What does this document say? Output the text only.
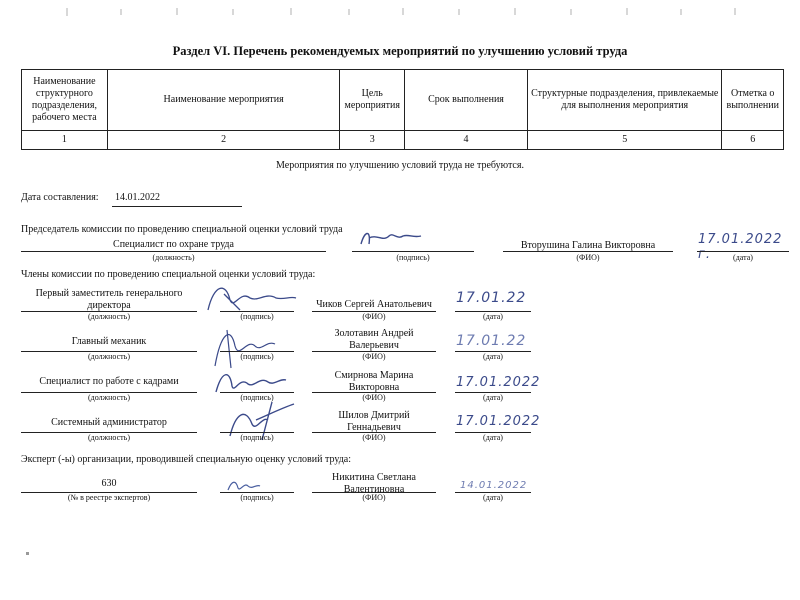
Раздел VI. Перечень рекомендуемых мероприятий по улучшению условий труда
Наименование структурного подразделения, рабочего места	Наименование мероприятия	Цель мероприятия	Срок выполнения	Структурные подразделения, привлекаемые для выполнения мероприятия	Отметка о выполнении
1	2	3	4	5	6
Мероприятия по улучшению условий труда не требуются.
Дата составления: 14.01.2022
Председатель комиссии по проведению специальной оценки условий труда
Специалист по охране труда
(должность)	(подпись)
Вторушина Галина Викторовна
(ФИО)
17.01.2022 г.	(дата)
Члены комиссии по проведению специальной оценки условий труда:
Первый заместитель генерального директора
(должность)	(подпись)
Чиков Сергей Анатольевич
(ФИО)
17.01.22
(дата)
Главный механик
(должность)	(подпись)
Золотавин Андрей Валерьевич
(ФИО)
17.01.22
(дата)
Специалист по работе с кадрами
(должность)	(подпись)
Смирнова Марина Викторовна
(ФИО)
17.01.2022
(дата)
Системный администратор
(должность)	(подпись)
Шилов Дмитрий Геннадьевич
(ФИО)
17.01.2022
(дата)
Эксперт (-ы) организации, проводившей специальную оценку условий труда:
630
(№ в реестре экспертов)	(подпись)
Никитина Светлана Валентиновна
(ФИО)
14.01.2022
(дата)
